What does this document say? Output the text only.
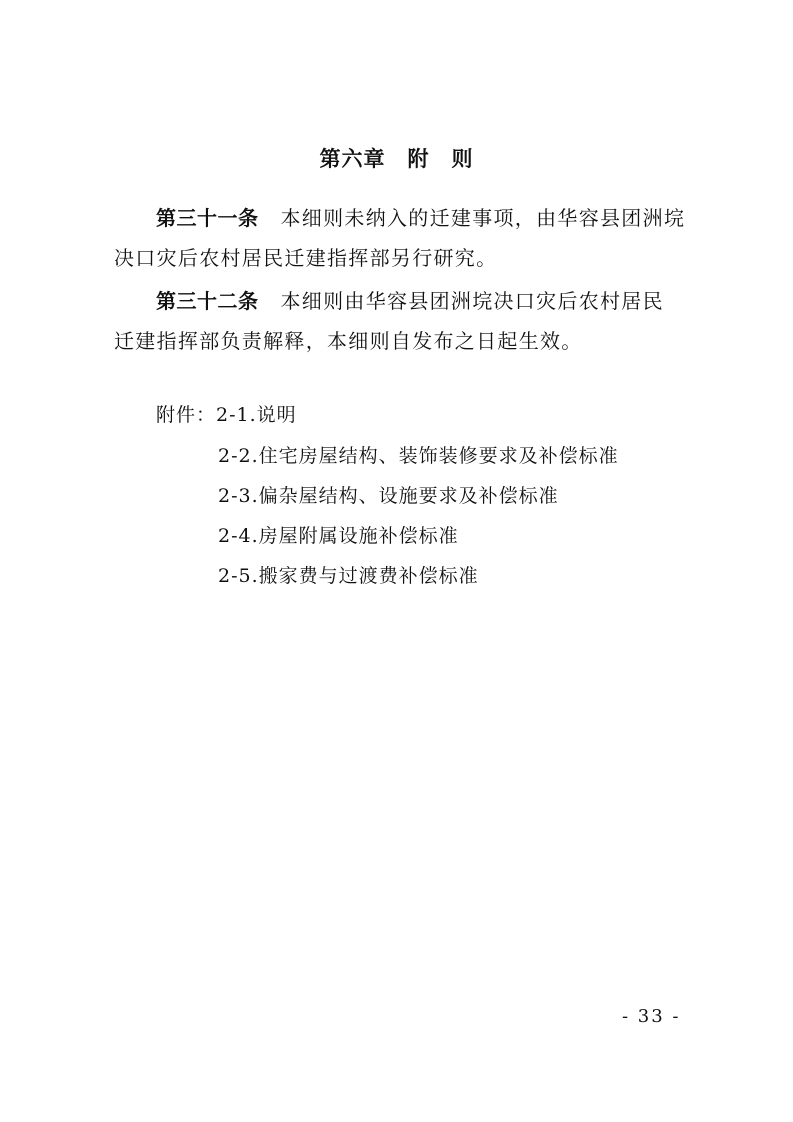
第六章　附　则
第三十一条 本细则未纳入的迁建事项，由华容县团洲垸
决口灾后农村居民迁建指挥部另行研究。
第三十二条 本细则由华容县团洲垸决口灾后农村居民
迁建指挥部负责解释，本细则自发布之日起生效。
附件：2-1.说明
2-2.住宅房屋结构、装饰装修要求及补偿标准
2-3.偏杂屋结构、设施要求及补偿标准
2-4.房屋附属设施补偿标准
2-5.搬家费与过渡费补偿标准
- 33 -
